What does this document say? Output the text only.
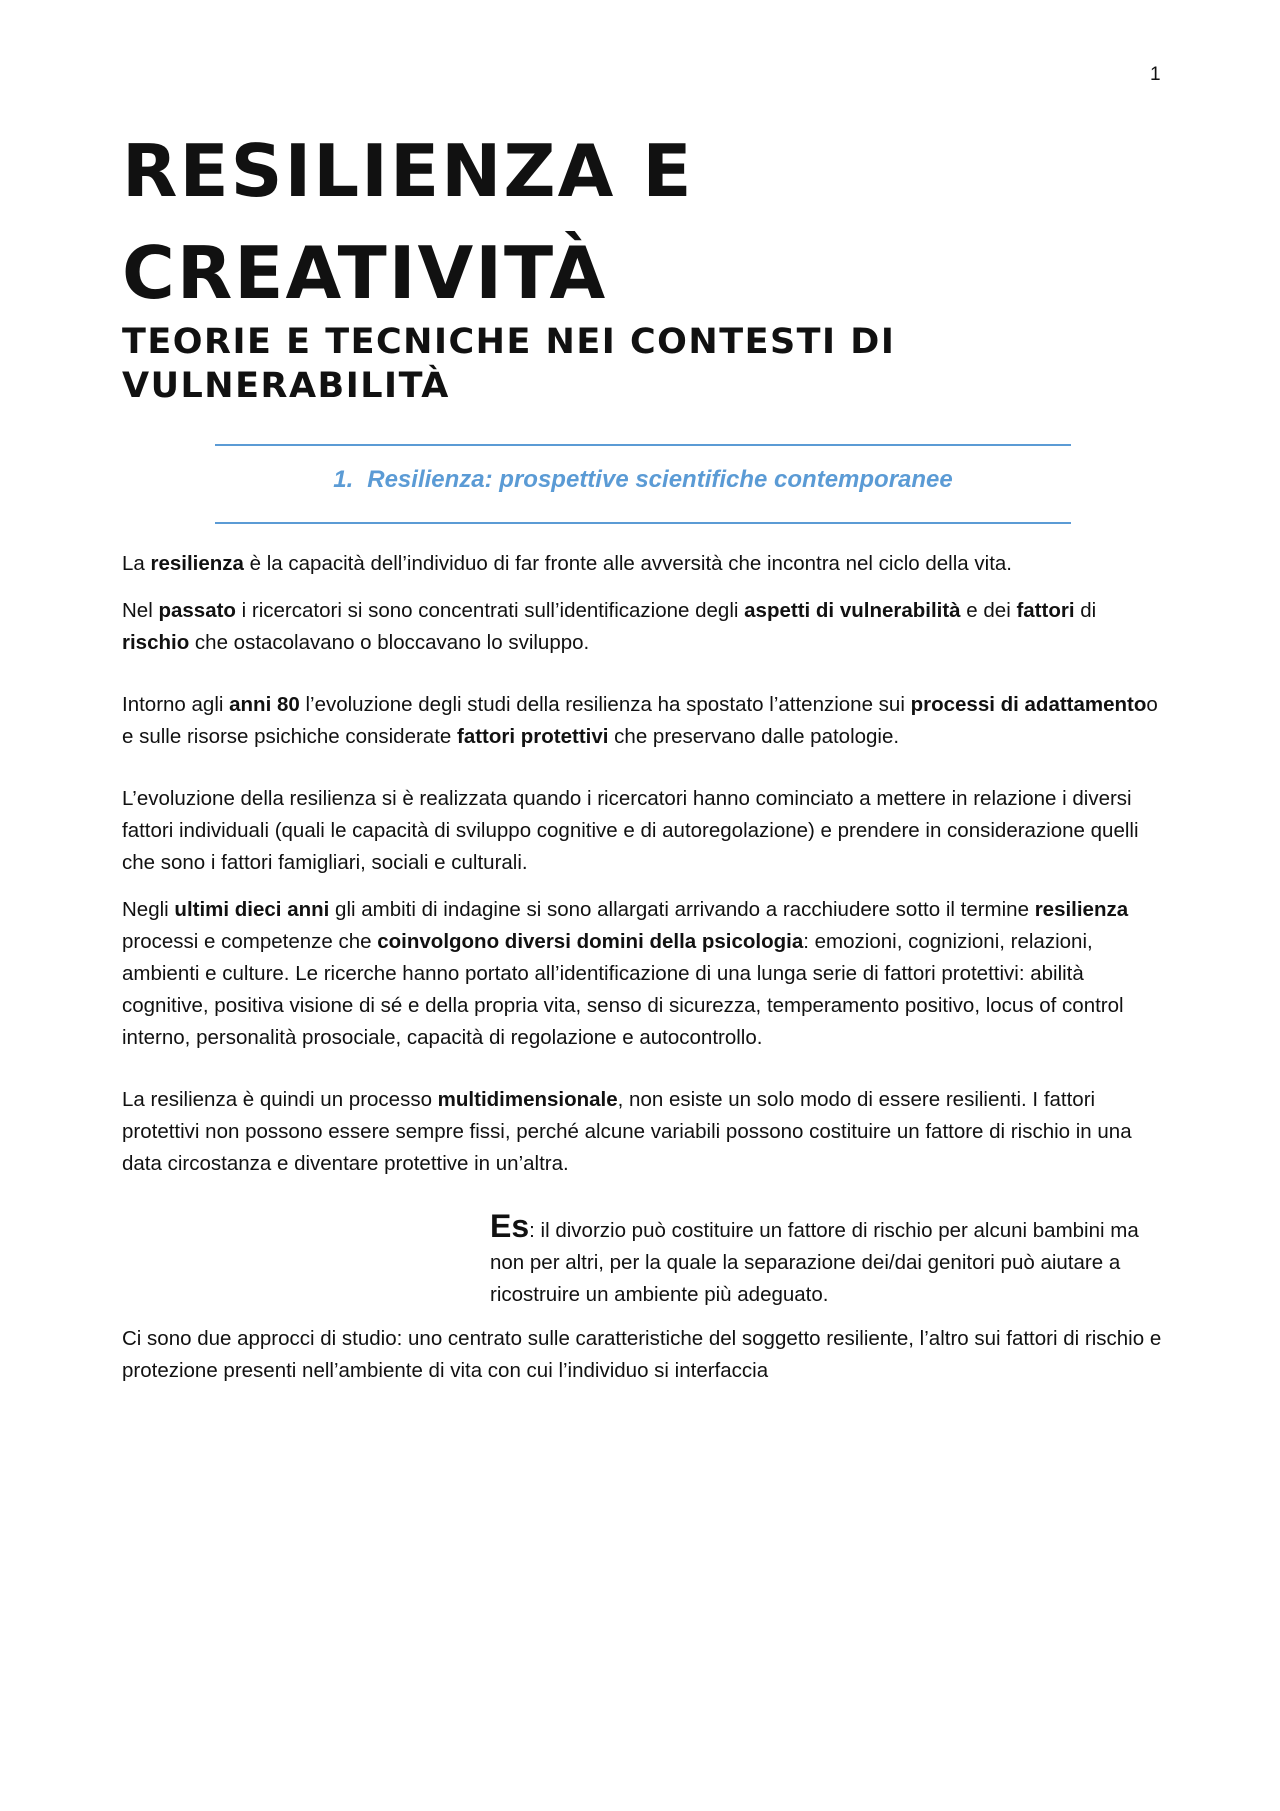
1
RESILIENZA E
CREATIVITÀ
TEORIE E TECNICHE NEI CONTESTI DI
VULNERABILITÀ
1. Resilienza: prospettive scientifiche contemporanee

La resilienza è la capacità dell’individuo di far fronte alle avversità che incontra nel ciclo della vita.

Nel passato i ricercatori si sono concentrati sull’identificazione degli aspetti di vulnerabilità e dei fattori di rischio che ostacolavano o bloccavano lo sviluppo.

Intorno agli anni 80 l’evoluzione degli studi della resilienza ha spostato l’attenzione sui processi di adattamentoo e sulle risorse psichiche considerate fattori protettivi che preservano dalle patologie.

L’evoluzione della resilienza si è realizzata quando i ricercatori hanno cominciato a mettere in relazione i diversi fattori individuali (quali le capacità di sviluppo cognitive e di autoregolazione) e prendere in considerazione quelli che sono i fattori famigliari, sociali e culturali.

Negli ultimi dieci anni gli ambiti di indagine si sono allargati arrivando a racchiudere sotto il termine resilienza processi e competenze che coinvolgono diversi domini della psicologia: emozioni, cognizioni, relazioni, ambienti e culture. Le ricerche hanno portato all’identificazione di una lunga serie di fattori protettivi: abilità cognitive, positiva visione di sé e della propria vita, senso di sicurezza, temperamento positivo, locus of control interno, personalità prosociale, capacità di regolazione e autocontrollo.

La resilienza è quindi un processo multidimensionale, non esiste un solo modo di essere resilienti. I fattori protettivi non possono essere sempre fissi, perché alcune variabili possono costituire un fattore di rischio in una data circostanza e diventare protettive in un’altra.

Es: il divorzio può costituire un fattore di rischio per alcuni bambini ma non per altri, per la quale la separazione dei/dai genitori può aiutare a ricostruire un ambiente più adeguato.

Ci sono due approcci di studio: uno centrato sulle caratteristiche del soggetto resiliente, l’altro sui fattori di rischio e protezione presenti nell’ambiente di vita con cui l’individuo si interfaccia
